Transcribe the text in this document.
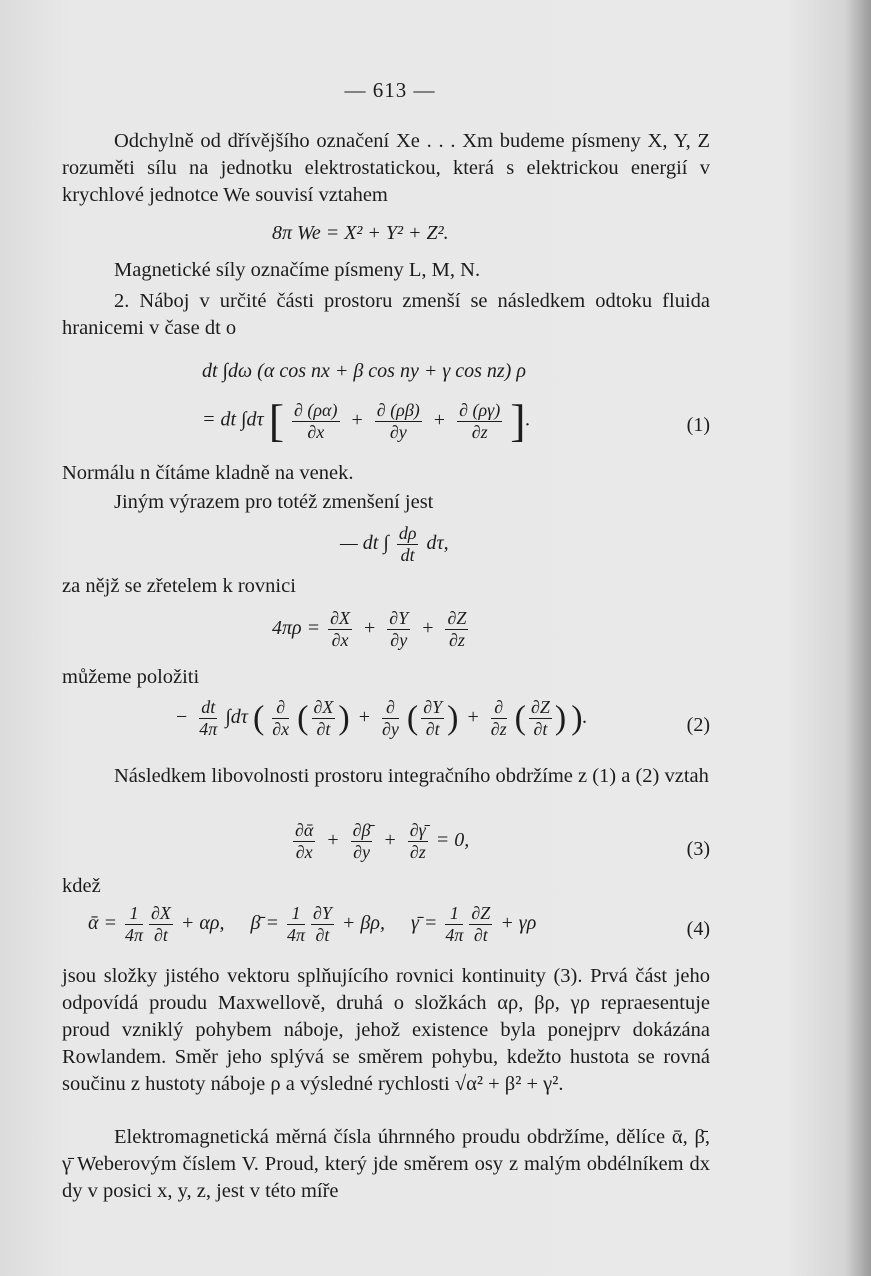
— 613 —

Odchylně od dřívějšího označení Xe . . . Xm budeme písmeny X, Y, Z rozuměti sílu na jednotku elektrostatickou, která s elektrickou energií v krychlové jednotce We souvisí vztahem

8π We = X² + Y² + Z².

Magnetické síly označíme písmeny L, M, N.

2. Náboj v určité části prostoru zmenší se následkem odtoku fluida hranicemi v čase dt o

dt ∫dω (α cos nx + β cos ny + γ cos nz) ρ
= dt ∫dτ [ $\frac{\partial (\rho\alpha)}{\partial x} + \frac{\partial (\rho\beta)}{\partial y} + \frac{\partial (\rho\gamma)}{\partial z}$ ].	(1)

Normálu n čítáme kladně na venek.

Jiným výrazem pro totéž zmenšení jest

— dt ∫ $\frac{d\rho}{dt} d\tau$,

za nějž se zřetelem k rovnici

$4\pi\rho = \frac{\partial X}{\partial x} + \frac{\partial Y}{\partial y} + \frac{\partial Z}{\partial z}$

můžeme položiti

− $\frac{dt}{4\pi} \int d\tau$ ( $\frac{\partial}{\partial x}$ ( $\frac{\partial X}{\partial t}$ ) + $\frac{\partial}{\partial y}$ ( $\frac{\partial Y}{\partial t}$ ) + $\frac{\partial}{\partial z}$ ( $\frac{\partial Z}{\partial t}$ ) ).	(2)

Následkem libovolnosti prostoru integračního obdržíme z (1) a (2) vztah

$\frac{\text{∂ᾱ}}{\partial x} + \frac{\partial\betā}{\partial y} + \frac{\partial\gammā}{\partial z} = 0$,	(3)

kdež

ᾱ = $\frac{1}{4\pi} \frac{\partial X}{\partial t} + \alpha\rho$, β̄ = $\frac{1}{4\pi} \frac{\partial Y}{\partial t} + \beta\rho$, γ̄ = $\frac{1}{4\pi} \frac{\partial Z}{\partial t} + \gamma\rho$	(4)

jsou složky jistého vektoru splňujícího rovnici kontinuity (3). Prvá část jeho odpovídá proudu Maxwellově, druhá o složkách αρ, βρ, γρ repraesentuje proud vzniklý pohybem náboje, jehož existence byla ponejprv dokázána Rowlandem. Směr jeho splývá se směrem pohybu, kdežto hustota se rovná součinu z hustoty náboje ρ a výsledné rychlosti √α² + β² + γ².

Elektromagnetická měrná čísla úhrnného proudu obdržíme, dělíce ᾱ, β̄, γ̄ Weberovým číslem V. Proud, který jde směrem osy z malým obdélníkem dx dy v posici x, y, z, jest v této míře
